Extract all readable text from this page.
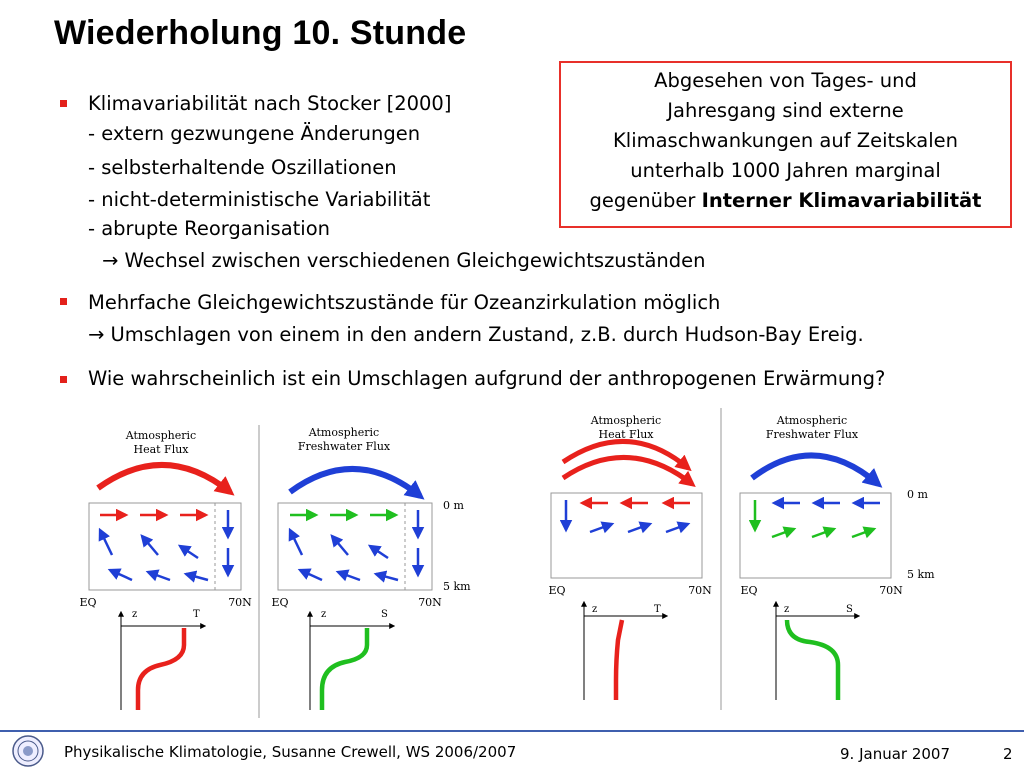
Wiederholung 10. Stunde
Abgesehen von Tages- und
Jahresgang sind externe
Klimaschwankungen auf Zeitskalen
unterhalb 1000 Jahren marginal
gegenüber Interner Klimavariabilität
Klimavariabilität nach Stocker [2000]
- extern gezwungene Änderungen
- selbsterhaltende Oszillationen
- nicht-deterministische Variabilität
- abrupte Reorganisation
→ Wechsel zwischen verschiedenen Gleichgewichtszuständen
Mehrfache Gleichgewichtszustände für Ozeanzirkulation möglich
→ Umschlagen von einem in den andern Zustand, z.B. durch Hudson-Bay Ereig.
Wie wahrscheinlich ist ein Umschlagen aufgrund der anthropogenen Erwärmung?
Atmospheric
Heat Flux
EQ	70N
z	T
Atmospheric
Freshwater Flux
0 m
5 km
EQ	70N
z	S
Atmospheric
Heat Flux
EQ	70N
z	T
Atmospheric
Freshwater Flux
0 m
5 km
EQ	70N
z	S
Physikalische Klimatologie, Susanne Crewell, WS 2006/2007	9. Januar 2007	2
